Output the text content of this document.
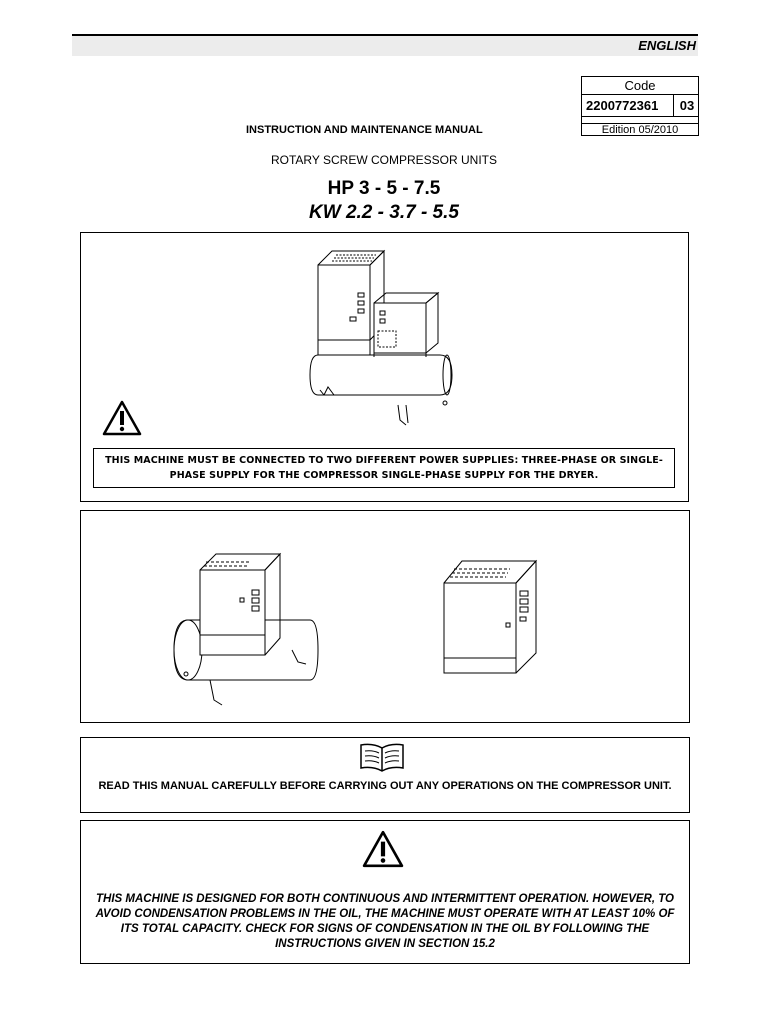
ENGLISH
Code
2200772361	03
Edition 05/2010
INSTRUCTION AND MAINTENANCE MANUAL
ROTARY SCREW COMPRESSOR UNITS
HP 3 - 5 - 7.5
KW 2.2 - 3.7 - 5.5
THIS MACHINE MUST BE CONNECTED TO TWO DIFFERENT POWER SUPPLIES: THREE-PHASE OR SINGLE-PHASE SUPPLY FOR THE COMPRESSOR SINGLE-PHASE SUPPLY FOR THE DRYER.
READ THIS MANUAL CAREFULLY BEFORE CARRYING OUT ANY OPERATIONS ON THE COMPRESSOR UNIT.
THIS MACHINE IS DESIGNED FOR BOTH CONTINUOUS AND INTERMITTENT OPERATION. HOWEVER, TO AVOID CONDENSATION PROBLEMS IN THE OIL, THE MACHINE MUST OPERATE WITH AT LEAST 10% OF ITS TOTAL CAPACITY. CHECK FOR SIGNS OF CONDENSATION IN THE OIL BY FOLLOWING THE INSTRUCTIONS GIVEN IN SECTION 15.2
